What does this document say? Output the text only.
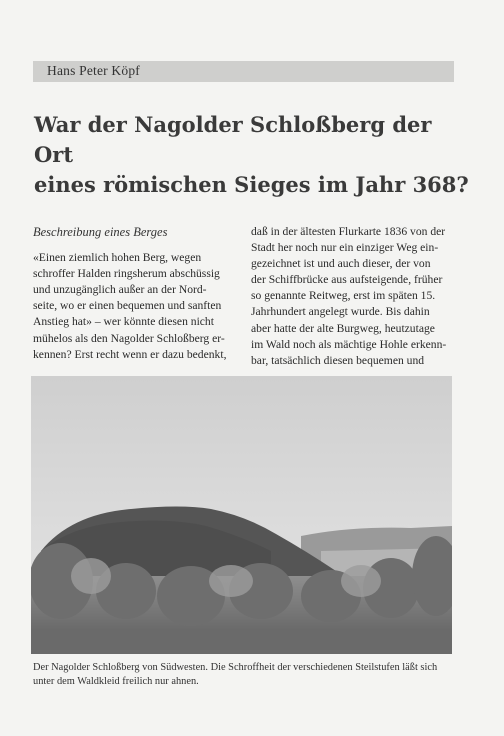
Hans Peter Köpf
War der Nagolder Schloßberg der Ort
eines römischen Sieges im Jahr 368?
Beschreibung eines Berges

«Einen ziemlich hohen Berg, wegen
schroffer Halden ringsherum abschüssig
und unzugänglich außer an der Nord-
seite, wo er einen bequemen und sanften
Anstieg hat» – wer könnte diesen nicht
mühelos als den Nagolder Schloßberg er-
kennen? Erst recht wenn er dazu bedenkt,

daß in der ältesten Flurkarte 1836 von der
Stadt her noch nur ein einziger Weg ein-
gezeichnet ist und auch dieser, der von
der Schiffbrücke aus aufsteigende, früher
so genannte Reitweg, erst im späten 15.
Jahrhundert angelegt wurde. Bis dahin
aber hatte der alte Burgweg, heutzutage
im Wald noch als mächtige Hohle erkenn-
bar, tatsächlich diesen bequemen und

Der Nagolder Schloßberg von Südwesten. Die Schroffheit der verschiedenen Steilstufen läßt sich
unter dem Waldkleid freilich nur ahnen.
